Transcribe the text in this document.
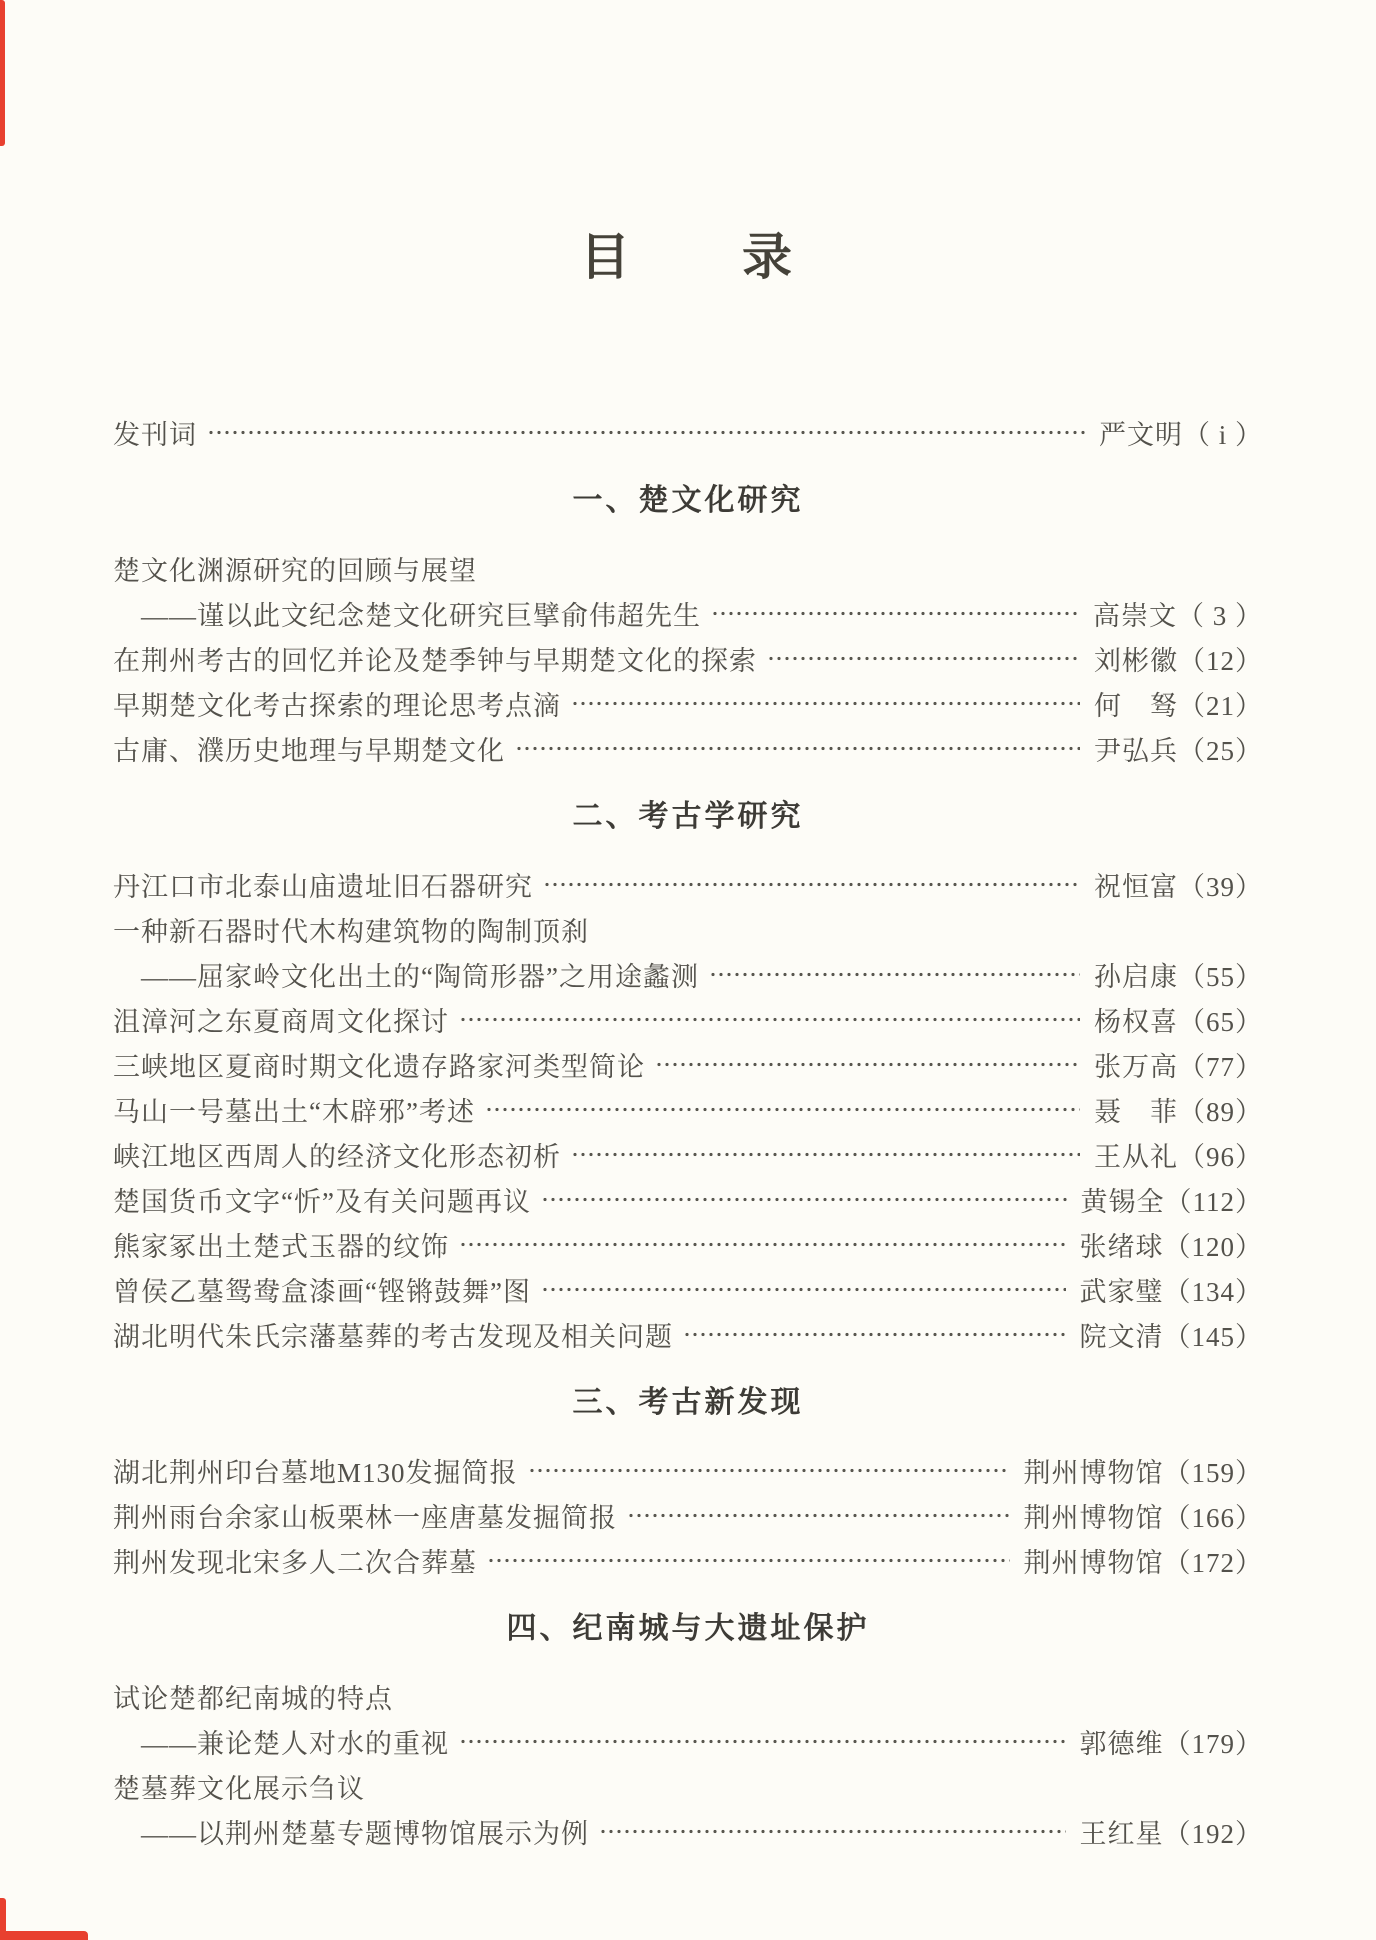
目　　录
发刊词	严文明 （ i ）
一、楚文化研究
楚文化渊源研究的回顾与展望
——谨以此文纪念楚文化研究巨擘俞伟超先生	高崇文 （ 3 ）
在荆州考古的回忆并论及楚季钟与早期楚文化的探索	刘彬徽 （12）
早期楚文化考古探索的理论思考点滴	何　驽 （21）
古庸、濮历史地理与早期楚文化	尹弘兵 （25）
二、考古学研究
丹江口市北泰山庙遗址旧石器研究	祝恒富 （39）
一种新石器时代木构建筑物的陶制顶刹
——屈家岭文化出土的“陶筒形器”之用途蠡测	孙启康 （55）
沮漳河之东夏商周文化探讨	杨权喜 （65）
三峡地区夏商时期文化遗存路家河类型简论	张万高 （77）
马山一号墓出土“木辟邪”考述	聂　菲 （89）
峡江地区西周人的经济文化形态初析	王从礼 （96）
楚国货币文字“忻”及有关问题再议	黄锡全 （112）
熊家冢出土楚式玉器的纹饰	张绪球 （120）
曾侯乙墓鸳鸯盒漆画“铿锵鼓舞”图	武家璧 （134）
湖北明代朱氏宗藩墓葬的考古发现及相关问题	院文清 （145）
三、考古新发现
湖北荆州印台墓地M130发掘简报	荆州博物馆 （159）
荆州雨台余家山板栗林一座唐墓发掘简报	荆州博物馆 （166）
荆州发现北宋多人二次合葬墓	荆州博物馆 （172）
四、纪南城与大遗址保护
试论楚都纪南城的特点
——兼论楚人对水的重视	郭德维 （179）
楚墓葬文化展示刍议
——以荆州楚墓专题博物馆展示为例	王红星 （192）
